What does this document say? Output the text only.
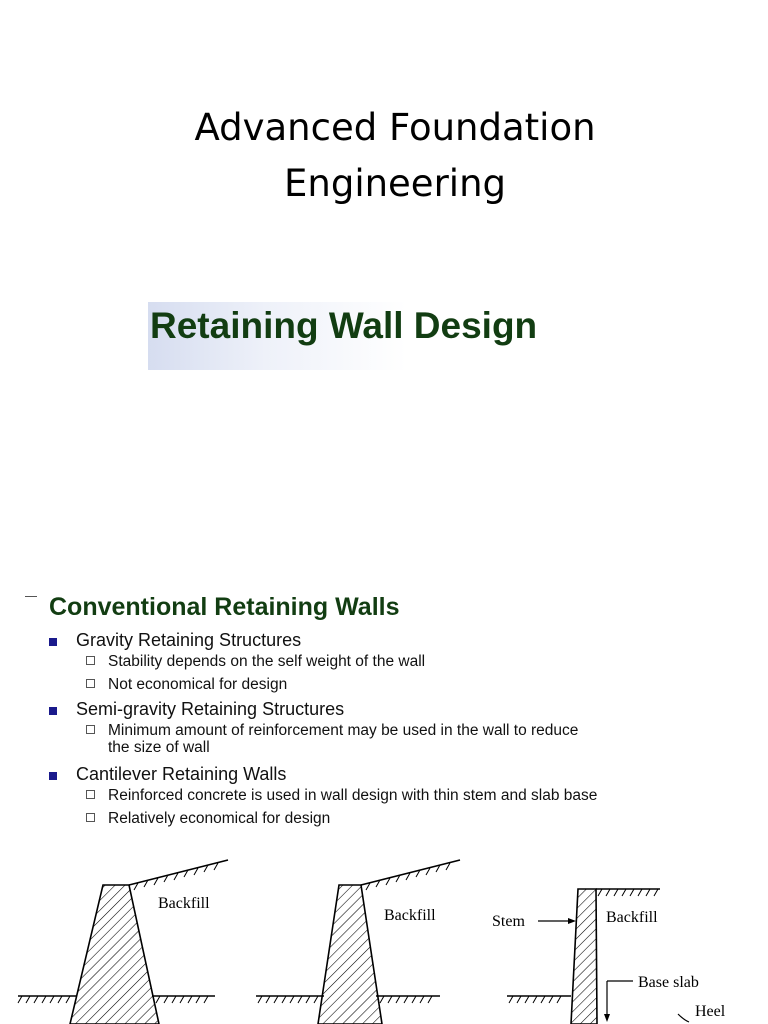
Advanced Foundation
Engineering
Retaining Wall Design
Conventional Retaining Walls
Gravity Retaining Structures
Stability depends on the self weight of the wall
Not economical for design
Semi-gravity Retaining Structures
Minimum amount of reinforcement may be used in the wall to reduce
the size of wall
Cantilever Retaining Walls
Reinforced concrete is used in wall design with thin stem and slab base
Relatively economical for design
Backfill
Backfill	Stem	Backfill
Base slab
Heel
